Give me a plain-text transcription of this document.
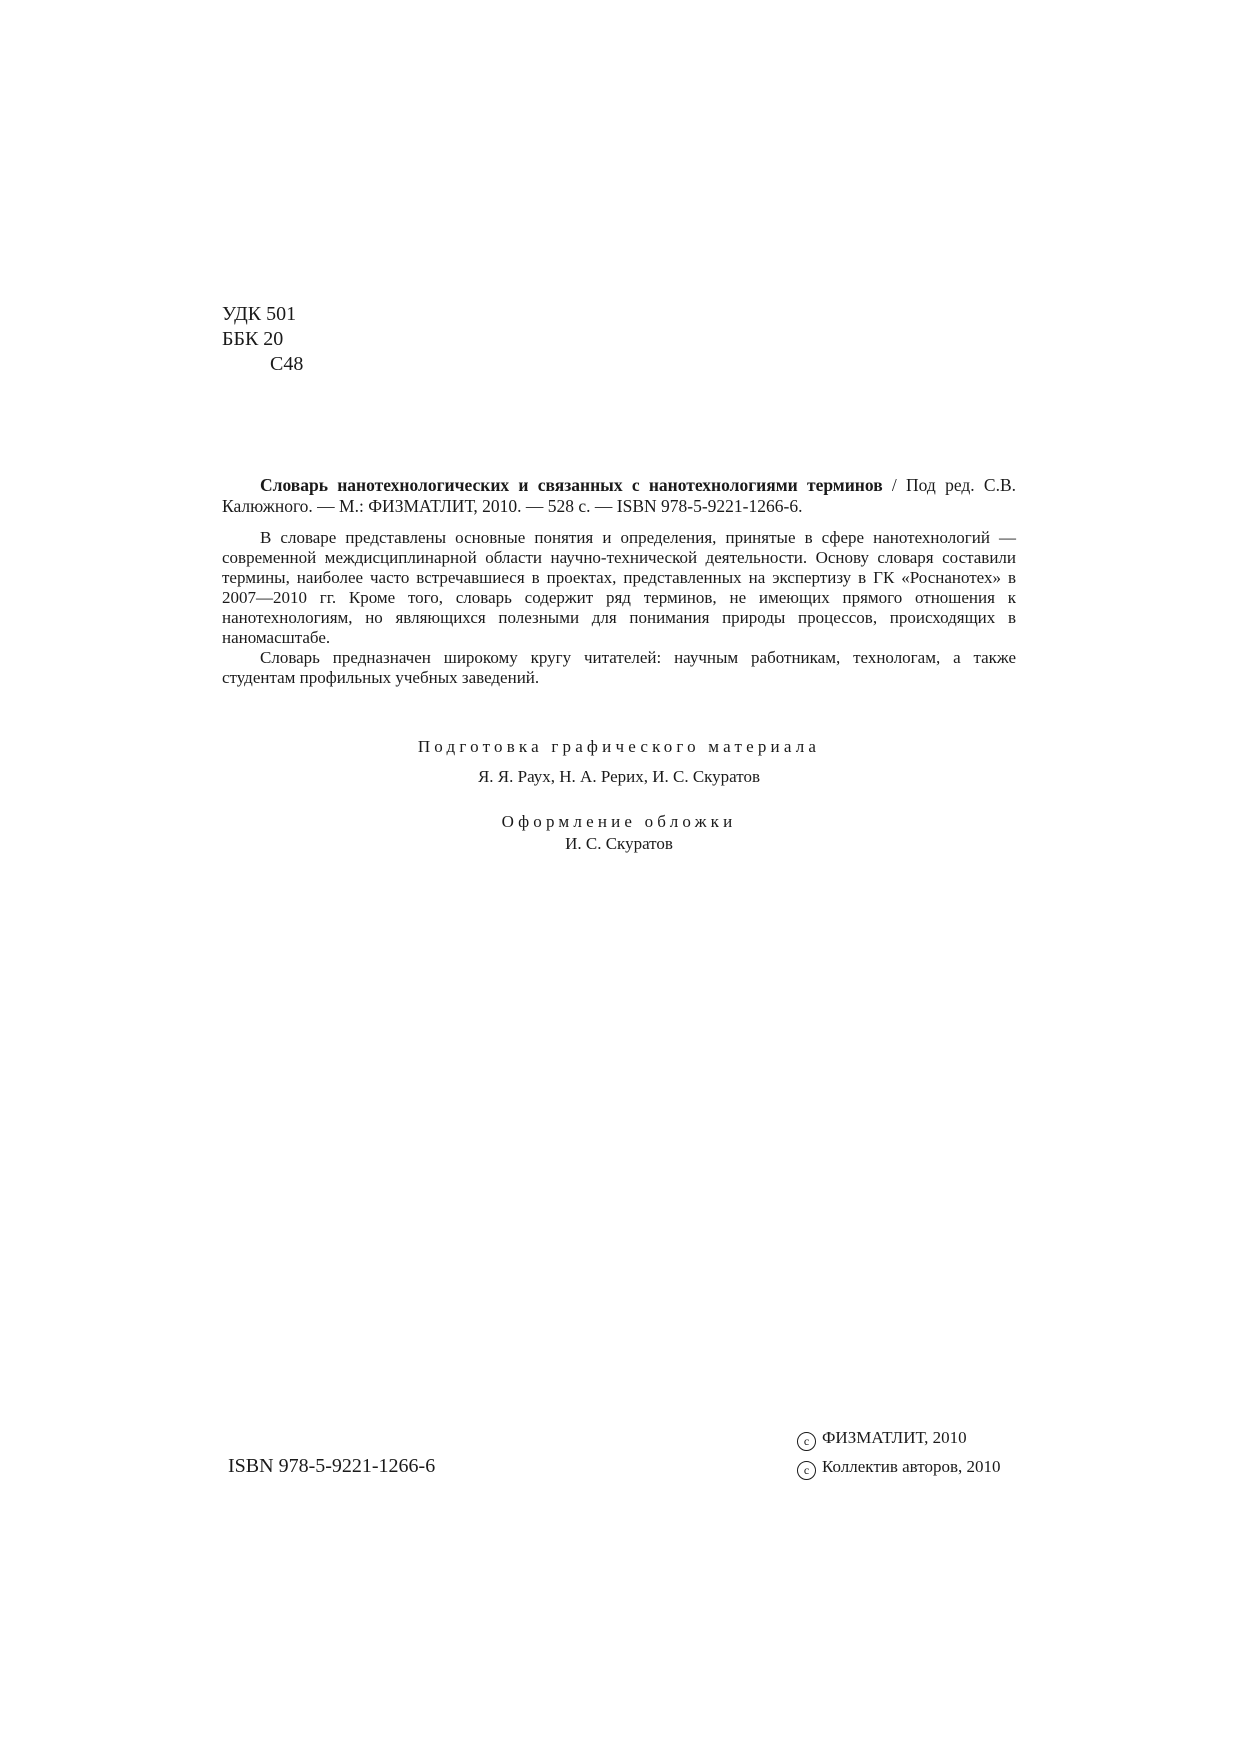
УДК 501
ББК 20
С48

Словарь нанотехнологических и связанных с нанотехнологиями терминов / Под ред. С.В. Калюжного. — М.: ФИЗМАТЛИТ, 2010. — 528 с. — ISBN 978-5-9221-1266-6.

В словаре представлены основные понятия и определения, принятые в сфере нанотехнологий — современной междисциплинарной области научно-технической деятельности. Основу словаря составили термины, наиболее часто встречавшиеся в проектах, представленных на экспертизу в ГК «Роснанотех» в 2007—2010 гг. Кроме того, словарь содержит ряд терминов, не имеющих прямого отношения к нанотехнологиям, но являющихся полезными для понимания природы процессов, происходящих в наномасштабе.

Словарь предназначен широкому кругу читателей: научным работникам, технологам, а также студентам профильных учебных заведений.

Подготовка графического материала
Я. Я. Раух, Н. А. Рерих, И. С. Скуратов
Оформление обложки
И. С. Скуратов
ISBN 978-5-9221-1266-6
c ФИЗМАТЛИТ, 2010
c Коллектив авторов, 2010
